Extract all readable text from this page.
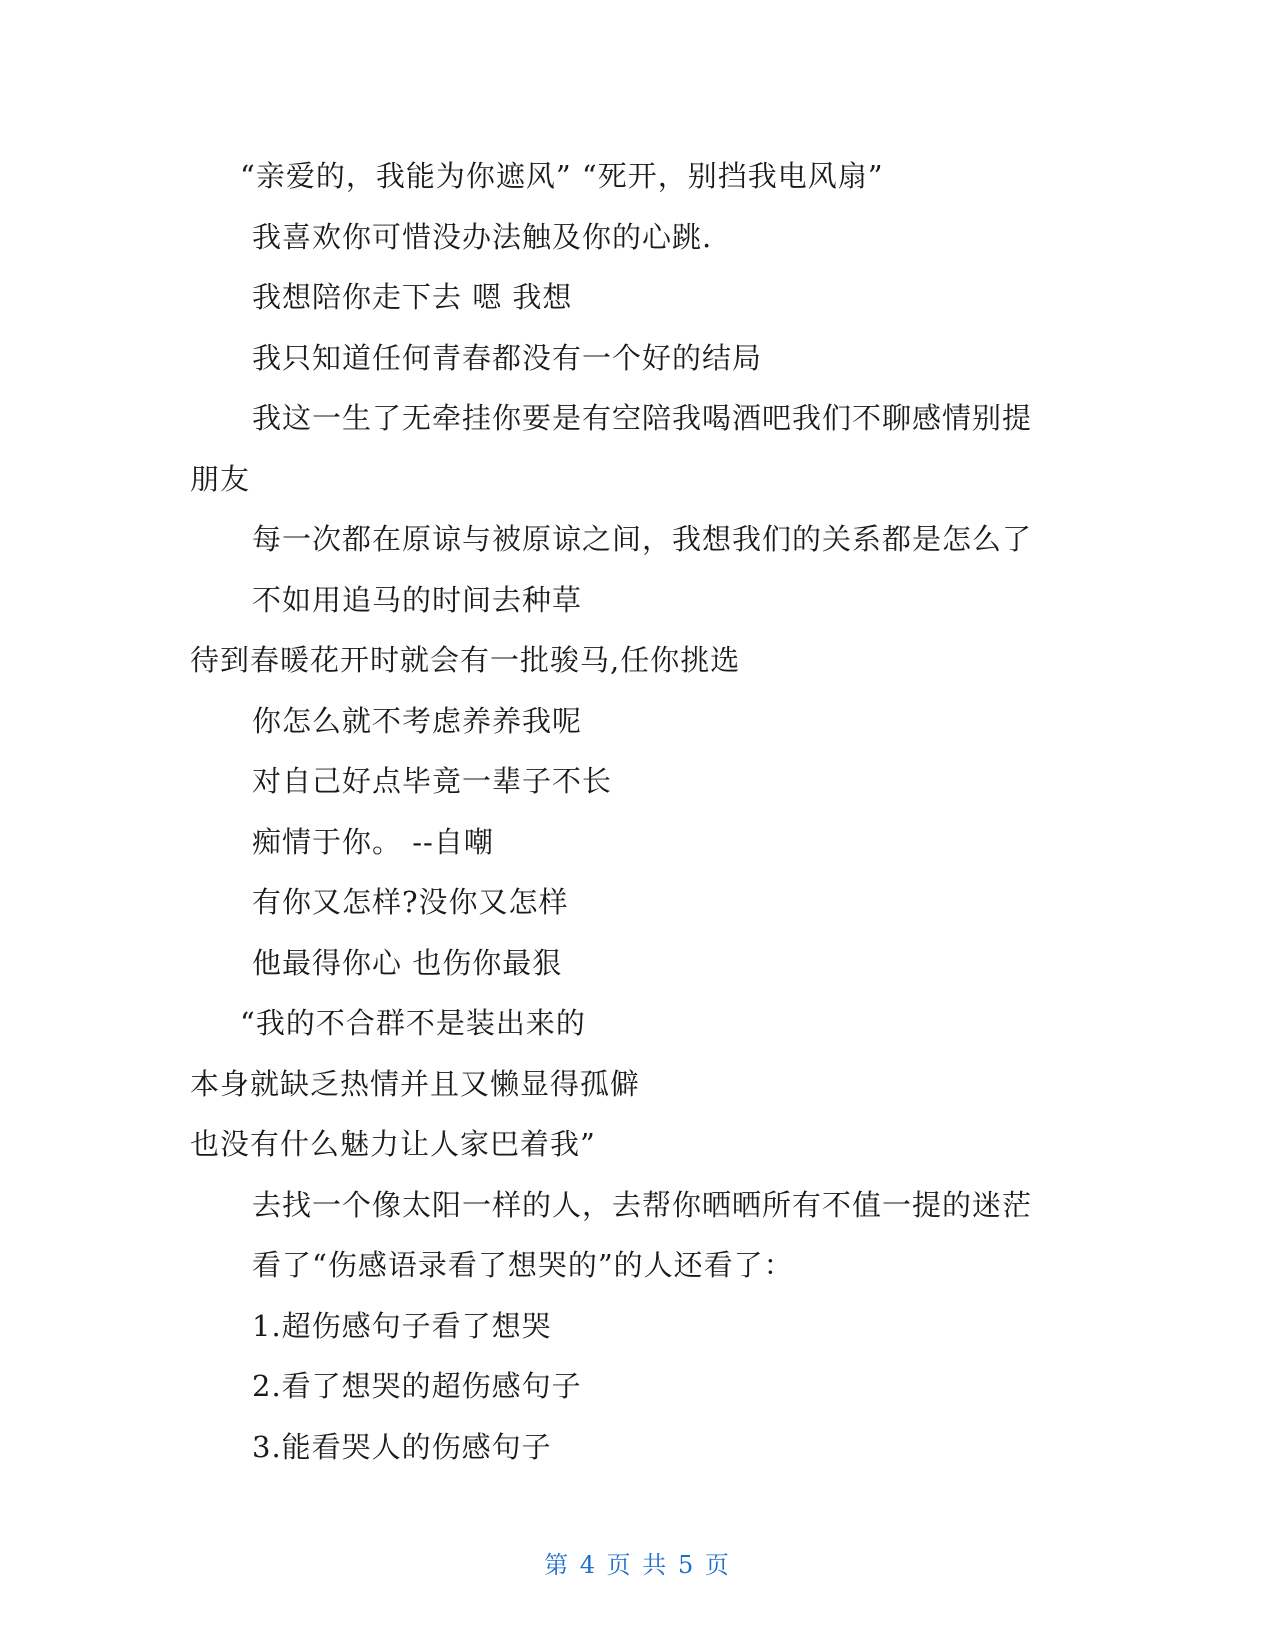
“亲爱的，我能为你遮风” “死开，别挡我电风扇”
我喜欢你可惜没办法触及你的心跳.
我想陪你走下去 嗯 我想
我只知道任何青春都没有一个好的结局
我这一生了无牵挂你要是有空陪我喝酒吧我们不聊感情别提
朋友
每一次都在原谅与被原谅之间，我想我们的关系都是怎么了
不如用追马的时间去种草
待到春暖花开时就会有一批骏马,任你挑选
你怎么就不考虑养养我呢
对自己好点毕竟一辈子不长
痴情于你。 --自嘲
有你又怎样?没你又怎样
他最得你心 也伤你最狠
“我的不合群不是装出来的
本身就缺乏热情并且又懒显得孤僻
也没有什么魅力让人家巴着我”
去找一个像太阳一样的人，去帮你晒晒所有不值一提的迷茫
看了“伤感语录看了想哭的”的人还看了：
1.超伤感句子看了想哭
2.看了想哭的超伤感句子
3.能看哭人的伤感句子
第 4 页 共 5 页
